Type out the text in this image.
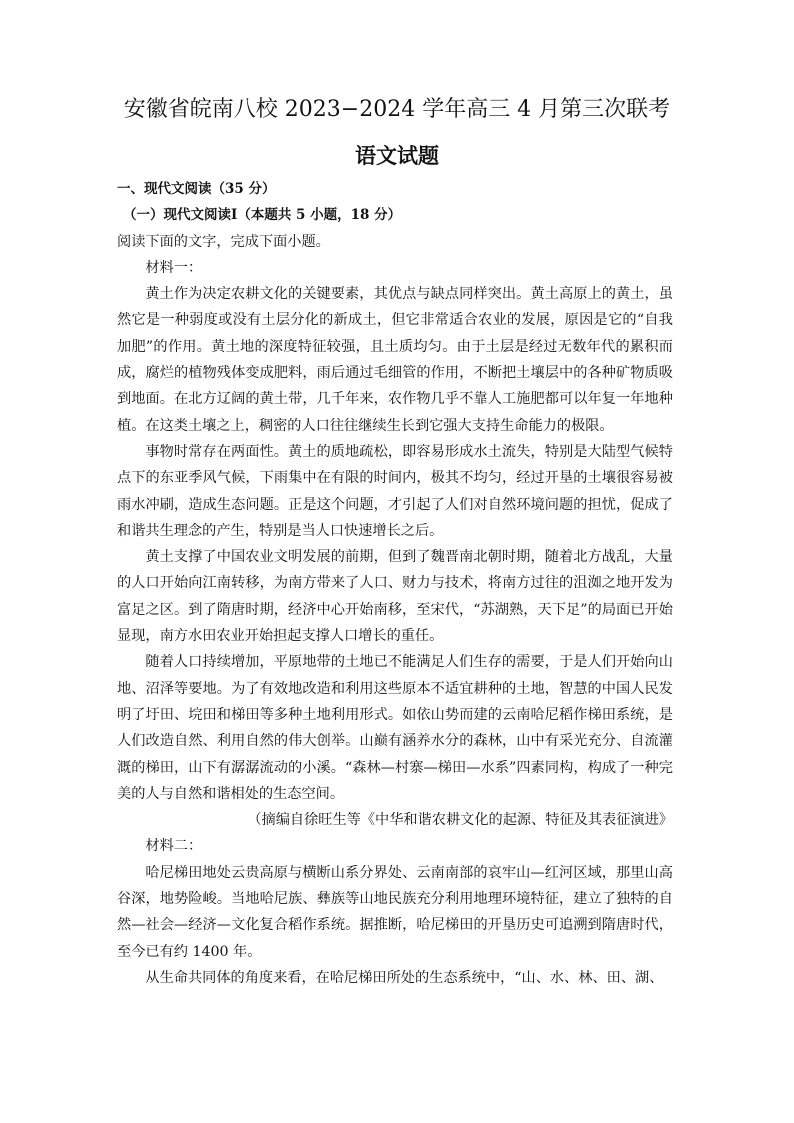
安徽省皖南八校 2023−2024 学年高三 4 月第三次联考
语文试题
一、现代文阅读（35 分）
（一）现代文阅读Ⅰ（本题共 5 小题，18 分）
阅读下面的文字，完成下面小题。
材料一：

黄土作为决定农耕文化的关键要素，其优点与缺点同样突出。黄土高原上的黄土，虽然它是一种弱度或没有土层分化的新成土，但它非常适合农业的发展，原因是它的“自我加肥”的作用。黄土地的深度特征较强，且土质均匀。由于土层是经过无数年代的累积而成，腐烂的植物残体变成肥料，雨后通过毛细管的作用，不断把土壤层中的各种矿物质吸到地面。在北方辽阔的黄土带，几千年来，农作物几乎不靠人工施肥都可以年复一年地种植。在这类土壤之上，稠密的人口往往继续生长到它强大支持生命能力的极限。

事物时常存在两面性。黄土的质地疏松，即容易形成水土流失，特别是大陆型气候特点下的东亚季风气候，下雨集中在有限的时间内，极其不均匀，经过开垦的土壤很容易被雨水冲刷，造成生态问题。正是这个问题，才引起了人们对自然环境问题的担忧，促成了和谐共生理念的产生，特别是当人口快速增长之后。

黄土支撑了中国农业文明发展的前期，但到了魏晋南北朝时期，随着北方战乱，大量的人口开始向江南转移，为南方带来了人口、财力与技术，将南方过往的沮洳之地开发为富足之区。到了隋唐时期，经济中心开始南移，至宋代，“苏湖熟，天下足”的局面已开始显现，南方水田农业开始担起支撑人口增长的重任。

随着人口持续增加，平原地带的土地已不能满足人们生存的需要，于是人们开始向山地、沼泽等要地。为了有效地改造和利用这些原本不适宜耕种的土地，智慧的中国人民发明了圩田、垸田和梯田等多种土地利用形式。如依山势而建的云南哈尼稻作梯田系统，是人们改造自然、利用自然的伟大创举。山巅有涵养水分的森林，山中有采光充分、自流灌溉的梯田，山下有潺潺流动的小溪。“森林—村寨—梯田—水系”四素同构，构成了一种完美的人与自然和谐相处的生态空间。

（摘编自徐旺生等《中华和谐农耕文化的起源、特征及其表征演进》

材料二：

哈尼梯田地处云贵高原与横断山系分界处、云南南部的哀牢山—红河区域，那里山高谷深，地势险峻。当地哈尼族、彝族等山地民族充分利用地理环境特征，建立了独特的自然—社会—经济—文化复合稻作系统。据推断，哈尼梯田的开垦历史可追溯到隋唐时代，至今已有约 1400 年。

从生命共同体的角度来看，在哈尼梯田所处的生态系统中，“山、水、林、田、湖、
